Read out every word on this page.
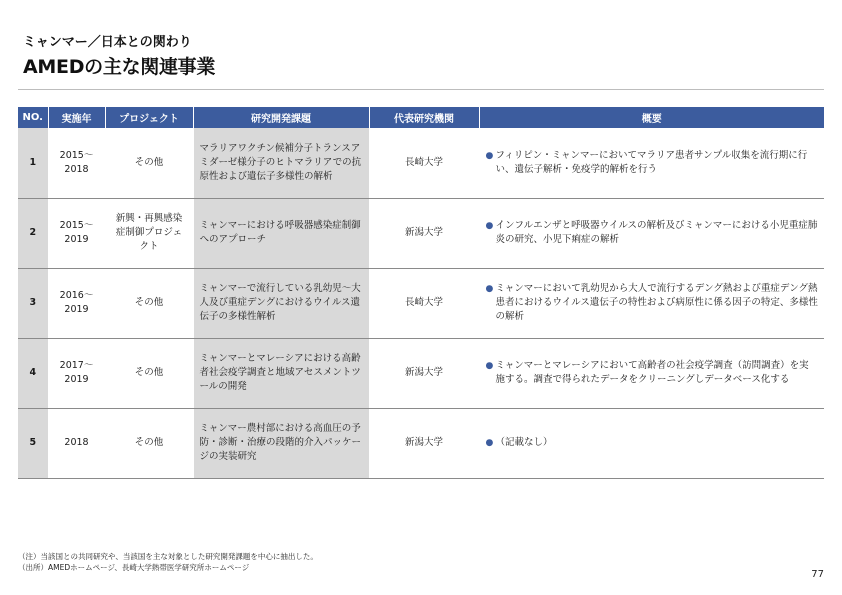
ミャンマー／日本との関わり
AMEDの主な関連事業
NO.	実施年	プロジェクト	研究開発課題	代表研究機関	概要
1	2015～2018	その他	マラリアワクチン候補分子トランスアミダーゼ様分子のヒトマラリアでの抗原性および遺伝子多様性の解析	長崎大学	● フィリピン・ミャンマーにおいてマラリア患者サンプル収集を流行期に行い、遺伝子解析・免疫学的解析を行う

2	2015～2019	新興・再興感染症制御プロジェクト	ミャンマーにおける呼吸器感染症制御へのアプローチ	新潟大学	● インフルエンザと呼吸器ウイルスの解析及びミャンマーにおける小児重症肺炎の研究、小児下痢症の解析

3	2016～2019	その他	ミャンマーで流行している乳幼児～大人及び重症デングにおけるウイルス遺伝子の多様性解析	長崎大学	● ミャンマーにおいて乳幼児から大人で流行するデング熱および重症デング熱患者におけるウイルス遺伝子の特性および病原性に係る因子の特定、多様性の解析

4	2017～2019	その他	ミャンマーとマレーシアにおける高齢者社会疫学調査と地域アセスメントツールの開発	新潟大学	● ミャンマーとマレーシアにおいて高齢者の社会疫学調査（訪問調査）を実施する。調査で得られたデータをクリーニングしデータベース化する

5	2018	その他	ミャンマー農村部における高血圧の予防・診断・治療の段階的介入パッケージの実装研究	新潟大学	● （記載なし）
（注）当該国との共同研究や、当該国を主な対象とした研究開発課題を中心に抽出した。
（出所）AMEDホームページ、長崎大学熱帯医学研究所ホームページ
77
